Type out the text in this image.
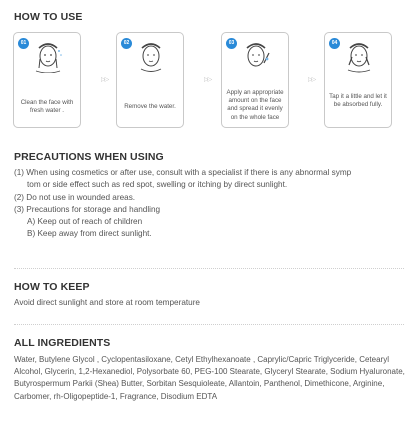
HOW TO USE
01
Clean the face with fresh water .
▷▷
02
Remove the water.
▷▷
03
Apply an appropriate amount on the face and spread it evenly on the whole face
▷▷
04
Tap it a little and let it be absorbed fully.
PRECAUTIONS WHEN USING
(1) When using cosmetics or after use, consult with a specialist if there is any abnormal symp
tom or side effect such as red spot, swelling or itching by direct sunlight.
(2) Do not use in wounded areas.
(3) Precautions for storage and handling
A) Keep out of reach of children
B) Keep away from direct sunlight.
HOW TO KEEP

Avoid direct sunlight and store at room temperature

ALL INGREDIENTS

Water, Butylene Glycol , Cyclopentasiloxane, Cetyl Ethylhexanoate , Caprylic/Capric Triglyceride, Cetearyl Alcohol, Glycerin, 1,2-Hexanediol, Polysorbate 60, PEG-100 Stearate, Glyceryl Stearate, Sodium Hyaluronate, Butyrospermum Parkii (Shea) Butter, Sorbitan Sesquioleate, Allantoin, Panthenol, Dimethicone, Arginine, Carbomer, rh-Oligopeptide-1, Fragrance, Disodium EDTA
